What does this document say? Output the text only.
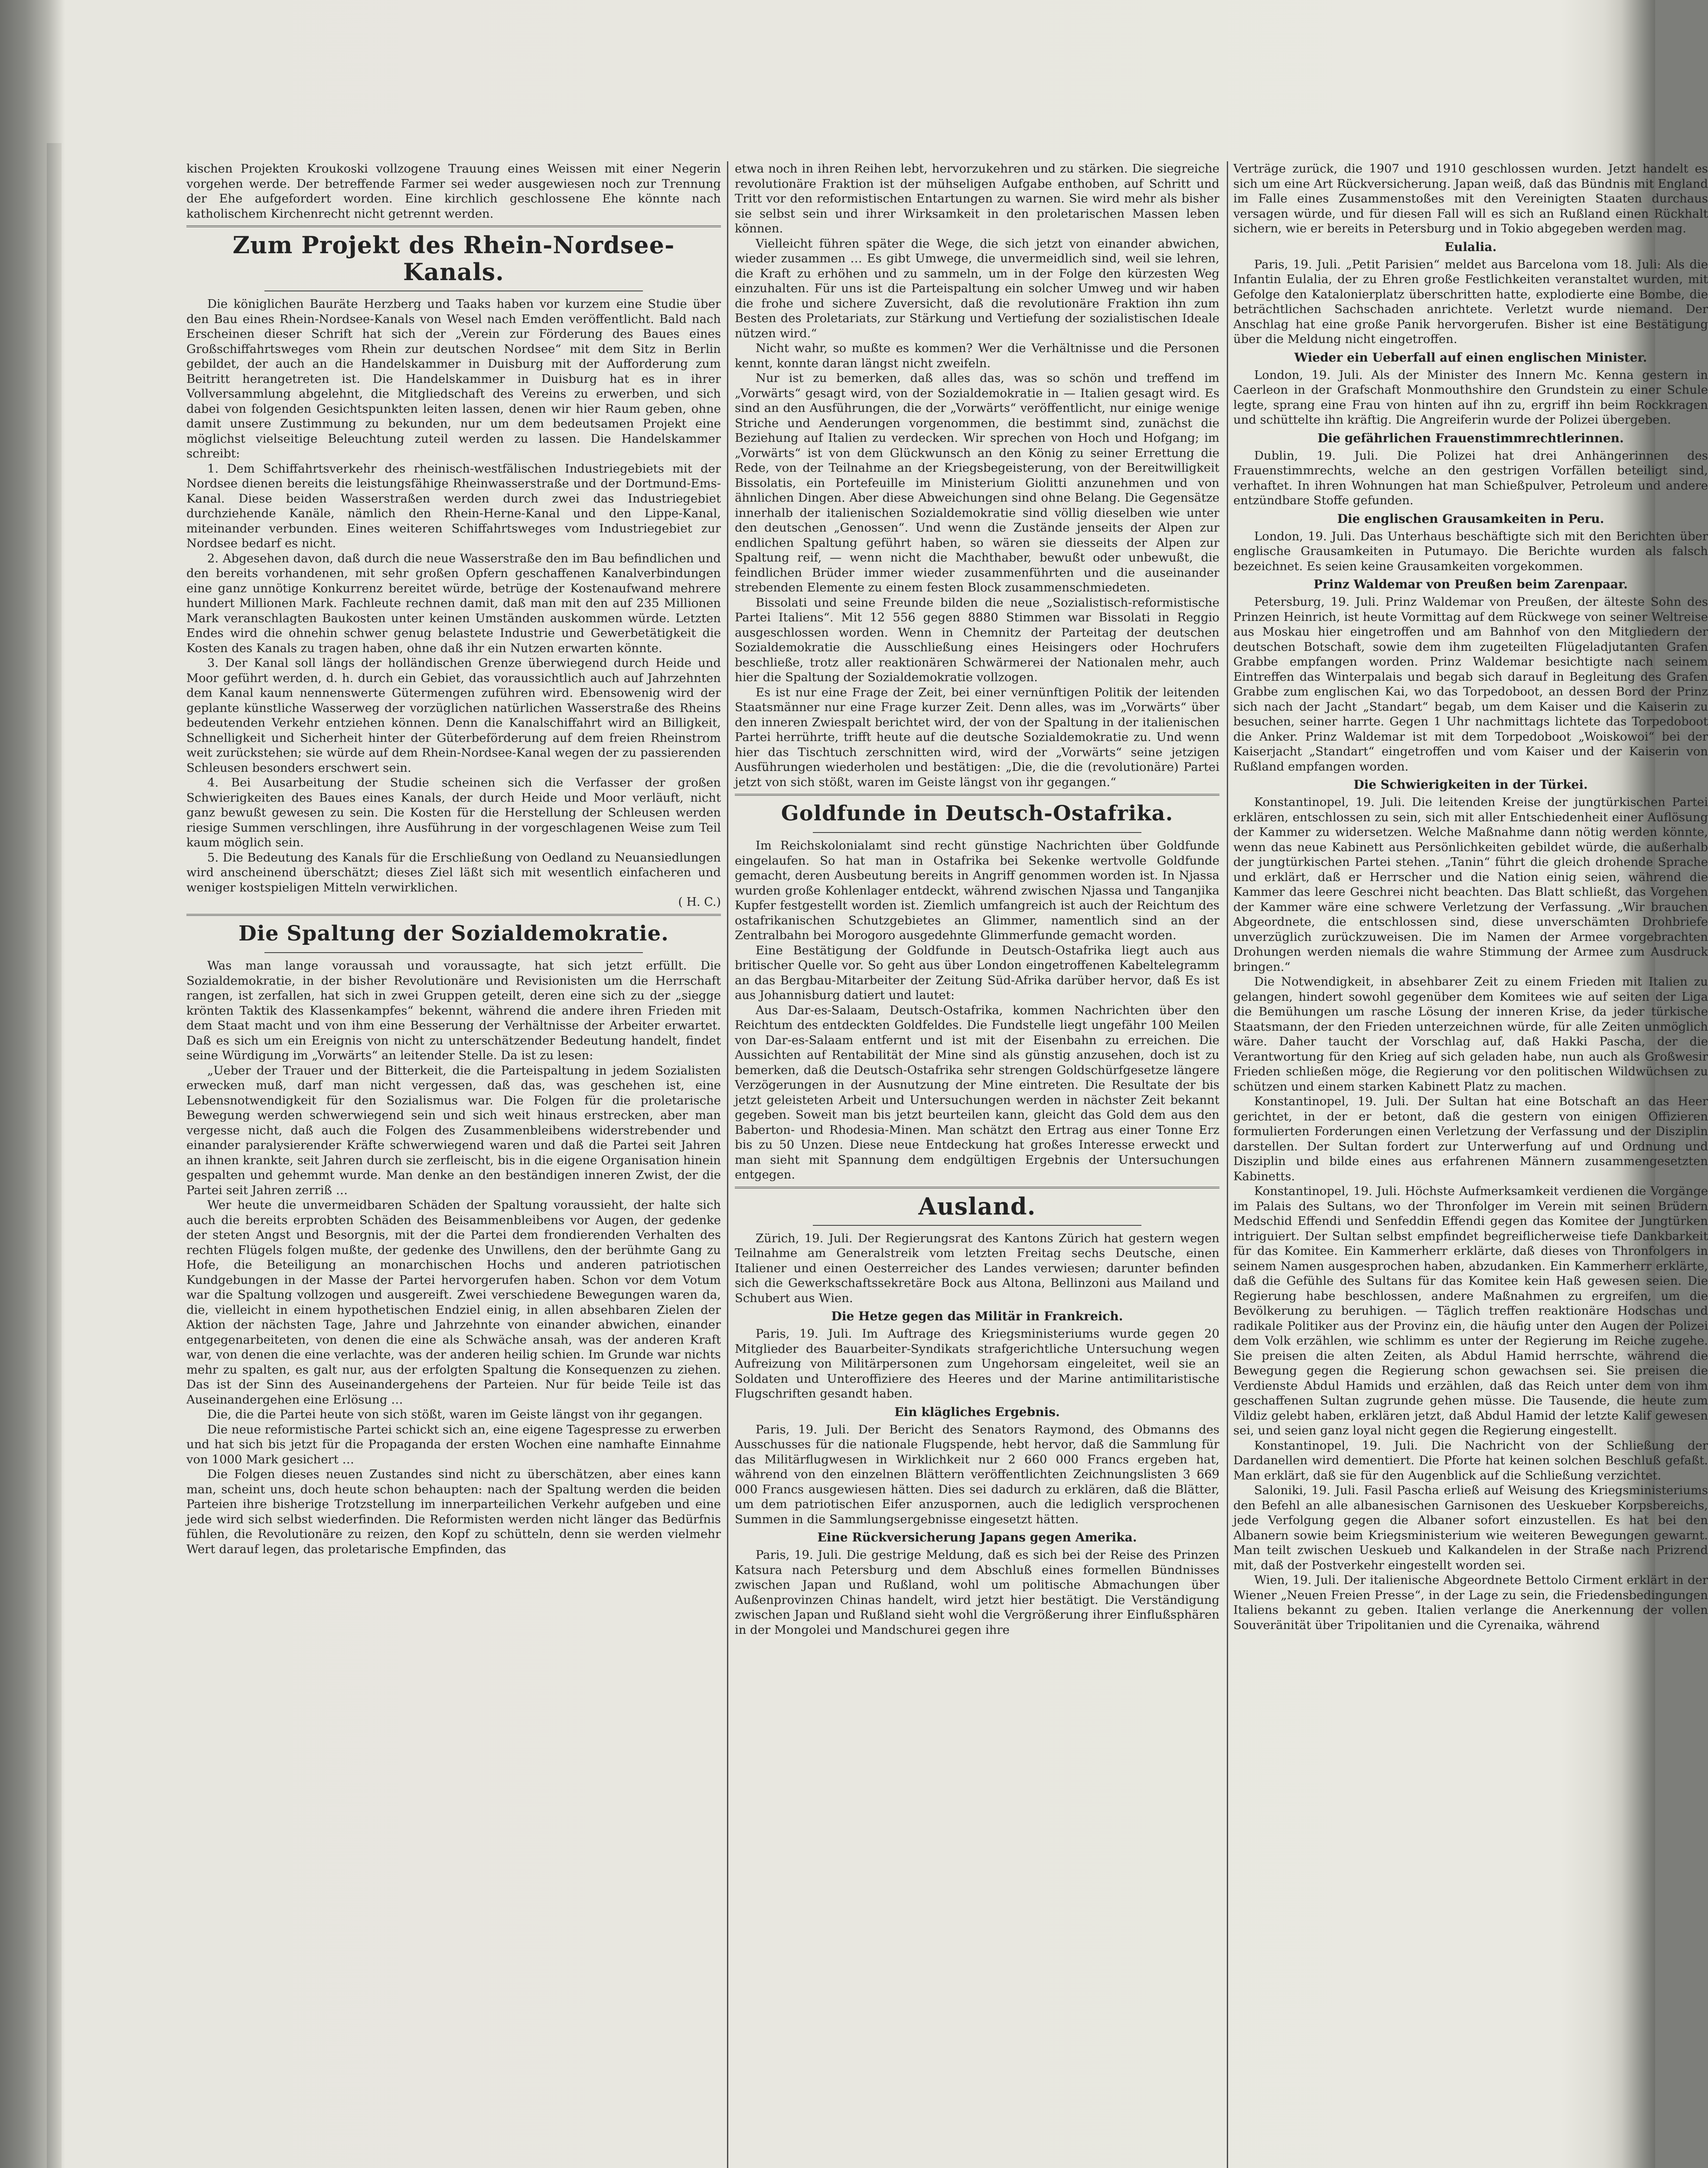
kischen Projekten Kroukoski vollzogene Trauung eines Weissen mit einer Negerin vorgehen werde. Der betreffende Farmer sei weder ausgewiesen noch zur Trennung der Ehe aufgefordert worden. Eine kirchlich geschlossene Ehe könnte nach katholischem Kirchenrecht nicht getrennt werden.

Zum Projekt des Rhein-Nordsee-Kanals.

Die königlichen Bauräte Herzberg und Taaks haben vor kurzem eine Studie über den Bau eines Rhein-Nordsee-Kanals von Wesel nach Emden veröffentlicht. Bald nach Erscheinen dieser Schrift hat sich der „Verein zur Förderung des Baues eines Großschiffahrtsweges vom Rhein zur deutschen Nordsee“ mit dem Sitz in Berlin gebildet, der auch an die Handelskammer in Duisburg mit der Aufforderung zum Beitritt herangetreten ist. Die Handelskammer in Duisburg hat es in ihrer Vollversammlung abgelehnt, die Mitgliedschaft des Vereins zu erwerben, und sich dabei von folgenden Gesichtspunkten leiten lassen, denen wir hier Raum geben, ohne damit unsere Zustimmung zu bekunden, nur um dem bedeutsamen Projekt eine möglichst vielseitige Beleuchtung zuteil werden zu lassen. Die Handelskammer schreibt:

1. Dem Schiffahrtsverkehr des rheinisch-westfälischen Industriegebiets mit der Nordsee dienen bereits die leistungsfähige Rheinwasserstraße und der Dortmund-Ems-Kanal. Diese beiden Wasserstraßen werden durch zwei das Industriegebiet durchziehende Kanäle, nämlich den Rhein-Herne-Kanal und den Lippe-Kanal, miteinander verbunden. Eines weiteren Schiffahrtsweges vom Industriegebiet zur Nordsee bedarf es nicht.

2. Abgesehen davon, daß durch die neue Wasserstraße den im Bau befindlichen und den bereits vorhandenen, mit sehr großen Opfern geschaffenen Kanalverbindungen eine ganz unnötige Konkurrenz bereitet würde, betrüge der Kostenaufwand mehrere hundert Millionen Mark. Fachleute rechnen damit, daß man mit den auf 235 Millionen Mark veranschlagten Baukosten unter keinen Umständen auskommen würde. Letzten Endes wird die ohnehin schwer genug belastete Industrie und Gewerbetätigkeit die Kosten des Kanals zu tragen haben, ohne daß ihr ein Nutzen erwarten könnte.

3. Der Kanal soll längs der holländischen Grenze überwiegend durch Heide und Moor geführt werden, d. h. durch ein Gebiet, das voraussichtlich auch auf Jahrzehnten dem Kanal kaum nennenswerte Gütermengen zuführen wird. Ebensowenig wird der geplante künstliche Wasserweg der vorzüglichen natürlichen Wasserstraße des Rheins bedeutenden Verkehr entziehen können. Denn die Kanalschiffahrt wird an Billigkeit, Schnelligkeit und Sicherheit hinter der Güterbeförderung auf dem freien Rheinstrom weit zurückstehen; sie würde auf dem Rhein-Nordsee-Kanal wegen der zu passierenden Schleusen besonders erschwert sein.

4. Bei Ausarbeitung der Studie scheinen sich die Verfasser der großen Schwierigkeiten des Baues eines Kanals, der durch Heide und Moor verläuft, nicht ganz bewußt gewesen zu sein. Die Kosten für die Herstellung der Schleusen werden riesige Summen verschlingen, ihre Ausführung in der vorgeschlagenen Weise zum Teil kaum möglich sein.

5. Die Bedeutung des Kanals für die Erschließung von Oedland zu Neuansiedlungen wird anscheinend überschätzt; dieses Ziel läßt sich mit wesentlich einfacheren und weniger kostspieligen Mitteln verwirklichen.

( H. C.)
Die Spaltung der Sozialdemokratie.

Was man lange voraussah und voraussagte, hat sich jetzt erfüllt. Die Sozialdemokratie, in der bisher Revolutionäre und Revisionisten um die Herrschaft rangen, ist zerfallen, hat sich in zwei Gruppen geteilt, deren eine sich zu der „siegge krönten Taktik des Klassenkampfes“ bekennt, während die andere ihren Frieden mit dem Staat macht und von ihm eine Besserung der Verhältnisse der Arbeiter erwartet. Daß es sich um ein Ereignis von nicht zu unterschätzender Bedeutung handelt, findet seine Würdigung im „Vorwärts“ an leitender Stelle. Da ist zu lesen:

„Ueber der Trauer und der Bitterkeit, die die Parteispaltung in jedem Sozialisten erwecken muß, darf man nicht vergessen, daß das, was geschehen ist, eine Lebensnotwendigkeit für den Sozialismus war. Die Folgen für die proletarische Bewegung werden schwerwiegend sein und sich weit hinaus erstrecken, aber man vergesse nicht, daß auch die Folgen des Zusammenbleibens widerstrebender und einander paralysierender Kräfte schwerwiegend waren und daß die Partei seit Jahren an ihnen krankte, seit Jahren durch sie zerfleischt, bis in die eigene Organisation hinein gespalten und gehemmt wurde. Man denke an den beständigen inneren Zwist, der die Partei seit Jahren zerriß …

Wer heute die unvermeidbaren Schäden der Spaltung voraussieht, der halte sich auch die bereits erprobten Schäden des Beisammenbleibens vor Augen, der gedenke der steten Angst und Besorgnis, mit der die Partei dem frondierenden Verhalten des rechten Flügels folgen mußte, der gedenke des Unwillens, den der berühmte Gang zu Hofe, die Beteiligung an monarchischen Hochs und anderen patriotischen Kundgebungen in der Masse der Partei hervorgerufen haben. Schon vor dem Votum war die Spaltung vollzogen und ausgereift. Zwei verschiedene Bewegungen waren da, die, vielleicht in einem hypothetischen Endziel einig, in allen absehbaren Zielen der Aktion der nächsten Tage, Jahre und Jahrzehnte von einander abwichen, einander entgegenarbeiteten, von denen die eine als Schwäche ansah, was der anderen Kraft war, von denen die eine verlachte, was der anderen heilig schien. Im Grunde war nichts mehr zu spalten, es galt nur, aus der erfolgten Spaltung die Konsequenzen zu ziehen. Das ist der Sinn des Auseinandergehens der Parteien. Nur für beide Teile ist das Auseinandergehen eine Erlösung …

Die, die die Partei heute von sich stößt, waren im Geiste längst von ihr gegangen.

Die neue reformistische Partei schickt sich an, eine eigene Tagespresse zu erwerben und hat sich bis jetzt für die Propaganda der ersten Wochen eine namhafte Einnahme von 1000 Mark gesichert …

Die Folgen dieses neuen Zustandes sind nicht zu überschätzen, aber eines kann man, scheint uns, doch heute schon behaupten: nach der Spaltung werden die beiden Parteien ihre bisherige Trotzstellung im innerparteilichen Verkehr aufgeben und eine jede wird sich selbst wiederfinden. Die Reformisten werden nicht länger das Bedürfnis fühlen, die Revolutionäre zu reizen, den Kopf zu schütteln, denn sie werden vielmehr Wert darauf legen, das proletarische Empfinden, das

etwa noch in ihren Reihen lebt, hervorzukehren und zu stärken. Die siegreiche revolutionäre Fraktion ist der mühseligen Aufgabe enthoben, auf Schritt und Tritt vor den reformistischen Entartungen zu warnen. Sie wird mehr als bisher sie selbst sein und ihrer Wirksamkeit in den proletarischen Massen leben können.

Vielleicht führen später die Wege, die sich jetzt von einander abwichen, wieder zusammen … Es gibt Umwege, die unvermeidlich sind, weil sie lehren, die Kraft zu erhöhen und zu sammeln, um in der Folge den kürzesten Weg einzuhalten. Für uns ist die Parteispaltung ein solcher Umweg und wir haben die frohe und sichere Zuversicht, daß die revolutionäre Fraktion ihn zum Besten des Proletariats, zur Stärkung und Vertiefung der sozialistischen Ideale nützen wird.“

Nicht wahr, so mußte es kommen? Wer die Verhältnisse und die Personen kennt, konnte daran längst nicht zweifeln.

Nur ist zu bemerken, daß alles das, was so schön und treffend im „Vorwärts“ gesagt wird, von der Sozialdemokratie in — Italien gesagt wird. Es sind an den Ausführungen, die der „Vorwärts“ veröffentlicht, nur einige wenige Striche und Aenderungen vorgenommen, die bestimmt sind, zunächst die Beziehung auf Italien zu verdecken. Wir sprechen von Hoch und Hofgang; im „Vorwärts“ ist von dem Glückwunsch an den König zu seiner Errettung die Rede, von der Teilnahme an der Kriegsbegeisterung, von der Bereitwilligkeit Bissolatis, ein Portefeuille im Ministerium Giolitti anzunehmen und von ähnlichen Dingen. Aber diese Abweichungen sind ohne Belang. Die Gegensätze innerhalb der italienischen Sozialdemokratie sind völlig dieselben wie unter den deutschen „Genossen“. Und wenn die Zustände jenseits der Alpen zur endlichen Spaltung geführt haben, so wären sie diesseits der Alpen zur Spaltung reif, — wenn nicht die Machthaber, bewußt oder unbewußt, die feindlichen Brüder immer wieder zusammenführten und die auseinander strebenden Elemente zu einem festen Block zusammenschmiedeten.

Bissolati und seine Freunde bilden die neue „Sozialistisch-reformistische Partei Italiens“. Mit 12 556 gegen 8880 Stimmen war Bissolati in Reggio ausgeschlossen worden. Wenn in Chemnitz der Parteitag der deutschen Sozialdemokratie die Ausschließung eines Heisingers oder Hochrufers beschließe, trotz aller reaktionären Schwärmerei der Nationalen mehr, auch hier die Spaltung der Sozialdemokratie vollzogen.

Es ist nur eine Frage der Zeit, bei einer vernünftigen Politik der leitenden Staatsmänner nur eine Frage kurzer Zeit. Denn alles, was im „Vorwärts“ über den inneren Zwiespalt berichtet wird, der von der Spaltung in der italienischen Partei herrührte, trifft heute auf die deutsche Sozialdemokratie zu. Und wenn hier das Tischtuch zerschnitten wird, wird der „Vorwärts“ seine jetzigen Ausführungen wiederholen und bestätigen: „Die, die die (revolutionäre) Partei jetzt von sich stößt, waren im Geiste längst von ihr gegangen.“

Goldfunde in Deutsch-Ostafrika.

Im Reichskolonialamt sind recht günstige Nachrichten über Goldfunde eingelaufen. So hat man in Ostafrika bei Sekenke wertvolle Goldfunde gemacht, deren Ausbeutung bereits in Angriff genommen worden ist. In Njassa wurden große Kohlenlager entdeckt, während zwischen Njassa und Tanganjika Kupfer festgestellt worden ist. Ziemlich umfangreich ist auch der Reichtum des ostafrikanischen Schutzgebietes an Glimmer, namentlich sind an der Zentralbahn bei Morogoro ausgedehnte Glimmerfunde gemacht worden.

Eine Bestätigung der Goldfunde in Deutsch-Ostafrika liegt auch aus britischer Quelle vor. So geht aus über London eingetroffenen Kabeltelegramm an das Bergbau-Mitarbeiter der Zeitung Süd-Afrika darüber hervor, daß Es ist aus Johannisburg datiert und lautet:

Aus Dar-es-Salaam, Deutsch-Ostafrika, kommen Nachrichten über den Reichtum des entdeckten Goldfeldes. Die Fundstelle liegt ungefähr 100 Meilen von Dar-es-Salaam entfernt und ist mit der Eisenbahn zu erreichen. Die Aussichten auf Rentabilität der Mine sind als günstig anzusehen, doch ist zu bemerken, daß die Deutsch-Ostafrika sehr strengen Goldschürfgesetze längere Verzögerungen in der Ausnutzung der Mine eintreten. Die Resultate der bis jetzt geleisteten Arbeit und Untersuchungen werden in nächster Zeit bekannt gegeben. Soweit man bis jetzt beurteilen kann, gleicht das Gold dem aus den Baberton- und Rhodesia-Minen. Man schätzt den Ertrag aus einer Tonne Erz bis zu 50 Unzen. Diese neue Entdeckung hat großes Interesse erweckt und man sieht mit Spannung dem endgültigen Ergebnis der Untersuchungen entgegen.

Ausland.

Zürich, 19. Juli. Der Regierungsrat des Kantons Zürich hat gestern wegen Teilnahme am Generalstreik vom letzten Freitag sechs Deutsche, einen Italiener und einen Oesterreicher des Landes verwiesen; darunter befinden sich die Gewerkschaftssekretäre Bock aus Altona, Bellinzoni aus Mailand und Schubert aus Wien.

Die Hetze gegen das Militär in Frankreich.

Paris, 19. Juli. Im Auftrage des Kriegsministeriums wurde gegen 20 Mitglieder des Bauarbeiter-Syndikats strafgerichtliche Untersuchung wegen Aufreizung von Militärpersonen zum Ungehorsam eingeleitet, weil sie an Soldaten und Unteroffiziere des Heeres und der Marine antimilitaristische Flugschriften gesandt haben.

Ein klägliches Ergebnis.

Paris, 19. Juli. Der Bericht des Senators Raymond, des Obmanns des Ausschusses für die nationale Flugspende, hebt hervor, daß die Sammlung für das Militärflugwesen in Wirklichkeit nur 2 660 000 Francs ergeben hat, während von den einzelnen Blättern veröffentlichten Zeichnungslisten 3 669 000 Francs ausgewiesen hätten. Dies sei dadurch zu erklären, daß die Blätter, um dem patriotischen Eifer anzuspornen, auch die lediglich versprochenen Summen in die Sammlungsergebnisse eingesetzt hätten.

Eine Rückversicherung Japans gegen Amerika.

Paris, 19. Juli. Die gestrige Meldung, daß es sich bei der Reise des Prinzen Katsura nach Petersburg und dem Abschluß eines formellen Bündnisses zwischen Japan und Rußland, wohl um politische Abmachungen über Außenprovinzen Chinas handelt, wird jetzt hier bestätigt. Die Verständigung zwischen Japan und Rußland sieht wohl die Vergrößerung ihrer Einflußsphären in der Mongolei und Mandschurei gegen ihre

Verträge zurück, die 1907 und 1910 geschlossen wurden. Jetzt handelt es sich um eine Art Rückversicherung. Japan weiß, daß das Bündnis mit England im Falle eines Zusammenstoßes mit den Vereinigten Staaten durchaus versagen würde, und für diesen Fall will es sich an Rußland einen Rückhalt sichern, wie er bereits in Petersburg und in Tokio abgegeben werden mag.

Eulalia.

Paris, 19. Juli. „Petit Parisien“ meldet aus Barcelona vom 18. Juli: Als die Infantin Eulalia, der zu Ehren große Festlichkeiten veranstaltet wurden, mit Gefolge den Katalonierplatz überschritten hatte, explodierte eine Bombe, die beträchtlichen Sachschaden anrichtete. Verletzt wurde niemand. Der Anschlag hat eine große Panik hervorgerufen. Bisher ist eine Bestätigung über die Meldung nicht eingetroffen.

Wieder ein Ueberfall auf einen englischen Minister.

London, 19. Juli. Als der Minister des Innern Mc. Kenna gestern in Caerleon in der Grafschaft Monmouthshire den Grundstein zu einer Schule legte, sprang eine Frau von hinten auf ihn zu, ergriff ihn beim Rockkragen und schüttelte ihn kräftig. Die Angreiferin wurde der Polizei übergeben.

Die gefährlichen Frauenstimmrechtlerinnen.

Dublin, 19. Juli. Die Polizei hat drei Anhängerinnen des Frauenstimmrechts, welche an den gestrigen Vorfällen beteiligt sind, verhaftet. In ihren Wohnungen hat man Schießpulver, Petroleum und andere entzündbare Stoffe gefunden.

Die englischen Grausamkeiten in Peru.

London, 19. Juli. Das Unterhaus beschäftigte sich mit den Berichten über englische Grausamkeiten in Putumayo. Die Berichte wurden als falsch bezeichnet. Es seien keine Grausamkeiten vorgekommen.

Prinz Waldemar von Preußen beim Zarenpaar.

Petersburg, 19. Juli. Prinz Waldemar von Preußen, der älteste Sohn des Prinzen Heinrich, ist heute Vormittag auf dem Rückwege von seiner Weltreise aus Moskau hier eingetroffen und am Bahnhof von den Mitgliedern der deutschen Botschaft, sowie dem ihm zugeteilten Flügeladjutanten Grafen Grabbe empfangen worden. Prinz Waldemar besichtigte nach seinem Eintreffen das Winterpalais und begab sich darauf in Begleitung des Grafen Grabbe zum englischen Kai, wo das Torpedoboot, an dessen Bord der Prinz sich nach der Jacht „Standart“ begab, um dem Kaiser und die Kaiserin zu besuchen, seiner harrte. Gegen 1 Uhr nachmittags lichtete das Torpedoboot die Anker. Prinz Waldemar ist mit dem Torpedoboot „Woiskowoi“ bei der Kaiserjacht „Standart“ eingetroffen und vom Kaiser und der Kaiserin von Rußland empfangen worden.

Die Schwierigkeiten in der Türkei.

Konstantinopel, 19. Juli. Die leitenden Kreise der jungtürkischen Partei erklären, entschlossen zu sein, sich mit aller Entschiedenheit einer Auflösung der Kammer zu widersetzen. Welche Maßnahme dann nötig werden könnte, wenn das neue Kabinett aus Persönlichkeiten gebildet würde, die außerhalb der jungtürkischen Partei stehen. „Tanin“ führt die gleich drohende Sprache und erklärt, daß er Herrscher und die Nation einig seien, während die Kammer das leere Geschrei nicht beachten. Das Blatt schließt, das Vorgehen der Kammer wäre eine schwere Verletzung der Verfassung. „Wir brauchen Abgeordnete, die entschlossen sind, diese unverschämten Drohbriefe unverzüglich zurückzuweisen. Die im Namen der Armee vorgebrachten Drohungen werden niemals die wahre Stimmung der Armee zum Ausdruck bringen.“

Die Notwendigkeit, in absehbarer Zeit zu einem Frieden mit Italien zu gelangen, hindert sowohl gegenüber dem Komitees wie auf seiten der Liga die Bemühungen um rasche Lösung der inneren Krise, da jeder türkische Staatsmann, der den Frieden unterzeichnen würde, für alle Zeiten unmöglich wäre. Daher taucht der Vorschlag auf, daß Hakki Pascha, der die Verantwortung für den Krieg auf sich geladen habe, nun auch als Großwesir Frieden schließen möge, die Regierung vor den politischen Wildwüchsen zu schützen und einem starken Kabinett Platz zu machen.

Konstantinopel, 19. Juli. Der Sultan hat eine Botschaft an das Heer gerichtet, in der er betont, daß die gestern von einigen Offizieren formulierten Forderungen einen Verletzung der Verfassung und der Disziplin darstellen. Der Sultan fordert zur Unterwerfung auf und Ordnung und Disziplin und bilde eines aus erfahrenen Männern zusammengesetzten Kabinetts.

Konstantinopel, 19. Juli. Höchste Aufmerksamkeit verdienen die Vorgänge im Palais des Sultans, wo der Thronfolger im Verein mit seinen Brüdern Medschid Effendi und Senfeddin Effendi gegen das Komitee der Jungtürken intriguiert. Der Sultan selbst empfindet begreiflicherweise tiefe Dankbarkeit für das Komitee. Ein Kammerherr erklärte, daß dieses von Thronfolgers in seinem Namen ausgesprochen haben, abzudanken. Ein Kammerherr erklärte, daß die Gefühle des Sultans für das Komitee kein Haß gewesen seien. Die Regierung habe beschlossen, andere Maßnahmen zu ergreifen, um die Bevölkerung zu beruhigen. — Täglich treffen reaktionäre Hodschas und radikale Politiker aus der Provinz ein, die häufig unter den Augen der Polizei dem Volk erzählen, wie schlimm es unter der Regierung im Reiche zugehe. Sie preisen die alten Zeiten, als Abdul Hamid herrschte, während die Bewegung gegen die Regierung schon gewachsen sei. Sie preisen die Verdienste Abdul Hamids und erzählen, daß das Reich unter dem von ihm geschaffenen Sultan zugrunde gehen müsse. Die Tausende, die heute zum Vildiz gelebt haben, erklären jetzt, daß Abdul Hamid der letzte Kalif gewesen sei, und seien ganz loyal nicht gegen die Regierung eingestellt.

Konstantinopel, 19. Juli. Die Nachricht von der Schließung der Dardanellen wird dementiert. Die Pforte hat keinen solchen Beschluß gefaßt. Man erklärt, daß sie für den Augenblick auf die Schließung verzichtet.

Saloniki, 19. Juli. Fasil Pascha erließ auf Weisung des Kriegsministeriums den Befehl an alle albanesischen Garnisonen des Ueskueber Korpsbereichs, jede Verfolgung gegen die Albaner sofort einzustellen. Es hat bei den Albanern sowie beim Kriegsministerium wie weiteren Bewegungen gewarnt. Man teilt zwischen Ueskueb und Kalkandelen in der Straße nach Prizrend mit, daß der Postverkehr eingestellt worden sei.

Wien, 19. Juli. Der italienische Abgeordnete Bettolo Cirment erklärt in der Wiener „Neuen Freien Presse“, in der Lage zu sein, die Friedensbedingungen Italiens bekannt zu geben. Italien verlange die Anerkennung der vollen Souveränität über Tripolitanien und die Cyrenaika, während
